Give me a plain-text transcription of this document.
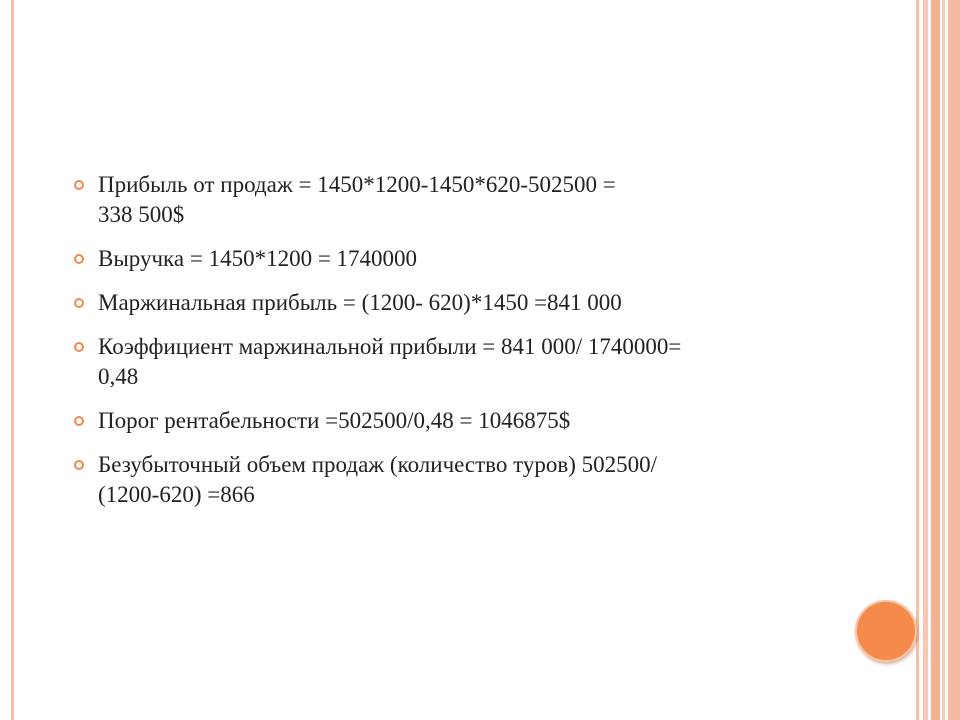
Прибыль от продаж = 1450*1200-1450*620-502500 =
338 500$
Выручка = 1450*1200 = 1740000
Маржинальная прибыль = (1200- 620)*1450 =841 000
Коэффициент маржинальной прибыли = 841 000/ 1740000=
0,48
Порог рентабельности =502500/0,48 = 1046875$
Безубыточный объем продаж (количество туров) 502500/
(1200-620) =866
